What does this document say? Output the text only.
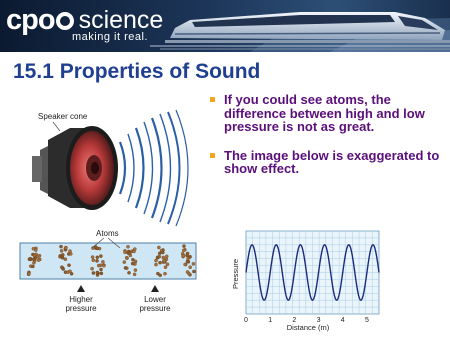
cpo science
making it real.
15.1 Properties of Sound
Speaker cone
Atoms
Higher
pressure
Lower
pressure
If you could see atoms, the difference between high and low pressure is not as great.
The image below is exaggerated to show effect.
0	1	2	3	4	5
Pressure
Distance (m)
